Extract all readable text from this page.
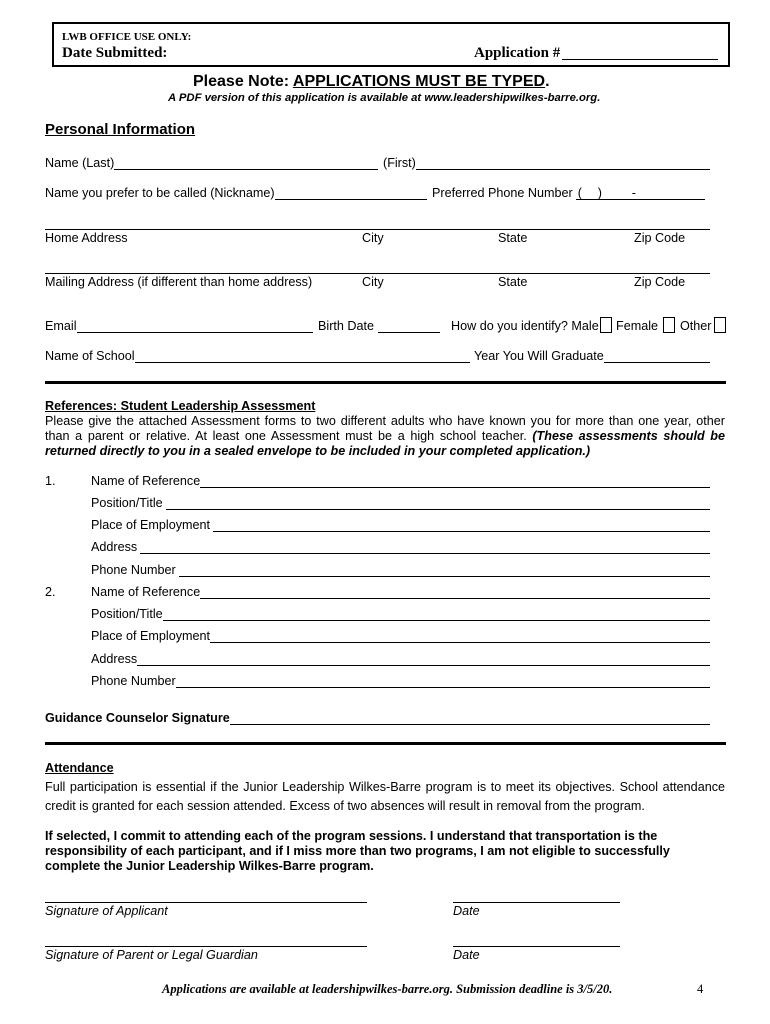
LWB OFFICE USE ONLY:
Date Submitted:	Application #
Please Note: APPLICATIONS MUST BE TYPED.
A PDF version of this application is available at www.leadershipwilkes-barre.org.
Personal Information
Name (Last)	(First)
Name you prefer to be called (Nickname)	Preferred Phone Number ( ) -
Home Address	City	State	Zip Code
Mailing Address (if different than home address)	City	State	Zip Code
Email	Birth Date	How do you identify? Male Female Other
Name of School	Year You Will Graduate
References: Student Leadership Assessment
Please give the attached Assessment forms to two different adults who have known you for more than one year, other than a parent or relative. At least one Assessment must be a high school teacher. (These assessments should be returned directly to you in a sealed envelope to be included in your completed application.)
1.	Name of Reference
Position/Title
Place of Employment
Address
Phone Number
2.	Name of Reference
Position/Title
Place of Employment
Address
Phone Number
Guidance Counselor Signature
Attendance
Full participation is essential if the Junior Leadership Wilkes-Barre program is to meet its objectives. School attendance credit is granted for each session attended. Excess of two absences will result in removal from the program.
If selected, I commit to attending each of the program sessions. I understand that transportation is the responsibility of each participant, and if I miss more than two programs, I am not eligible to successfully complete the Junior Leadership Wilkes-Barre program.
Signature of Applicant	Date
Signature of Parent or Legal Guardian	Date
Applications are available at leadershipwilkes-barre.org. Submission deadline is 3/5/20.	4
